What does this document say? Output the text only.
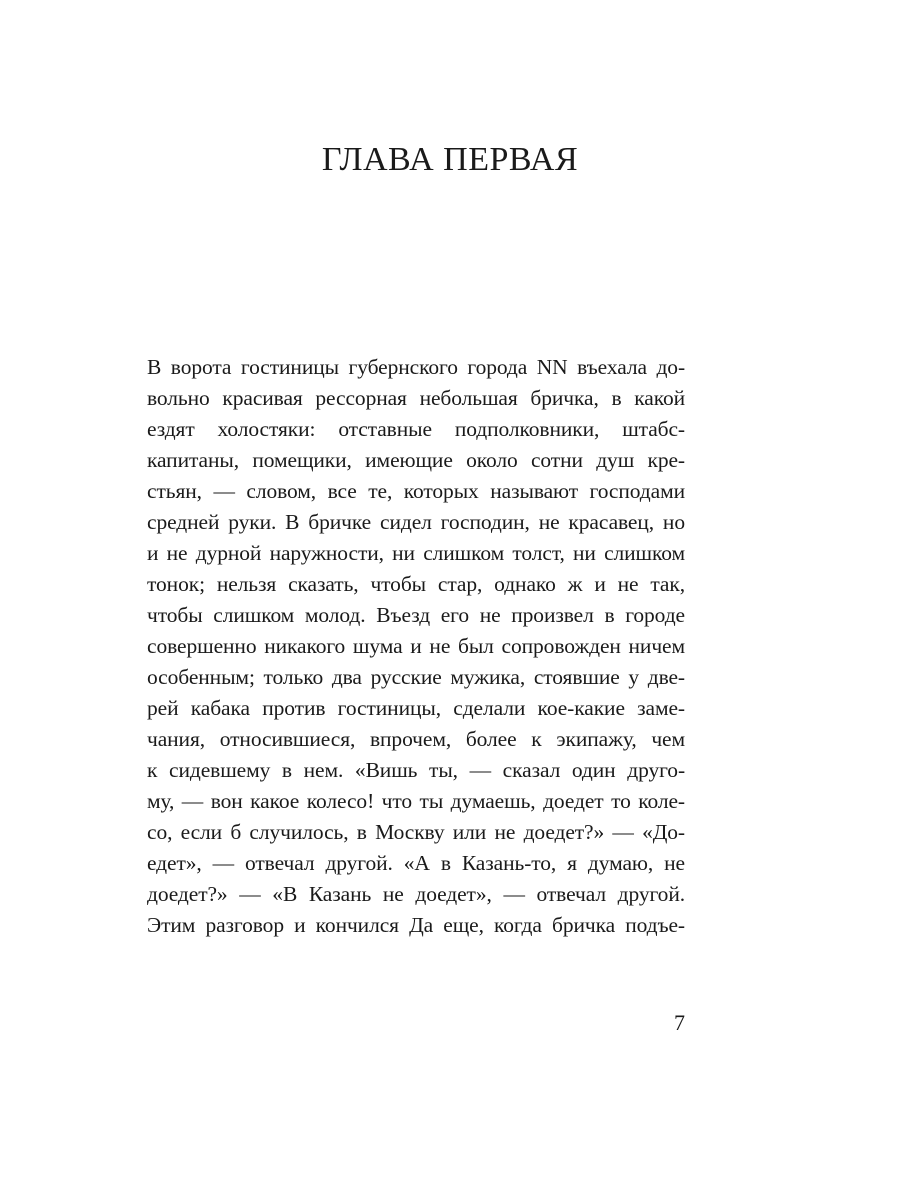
ГЛАВА ПЕРВАЯ
В ворота гостиницы губернского города NN въехала до-
вольно красивая рессорная небольшая бричка, в какой
ездят холостяки: отставные подполковники, штабс-
капитаны, помещики, имеющие около сотни душ кре-
стьян, — словом, все те, которых называют господами
средней руки. В бричке сидел господин, не красавец, но
и не дурной наружности, ни слишком толст, ни слишком
тонок; нельзя сказать, чтобы стар, однако ж и не так,
чтобы слишком молод. Въезд его не произвел в городе
совершенно никакого шума и не был сопровожден ничем
особенным; только два русские мужика, стоявшие у две-
рей кабака против гостиницы, сделали кое-какие заме-
чания, относившиеся, впрочем, более к экипажу, чем
к сидевшему в нем. «Вишь ты, — сказал один друго-
му, — вон какое колесо! что ты думаешь, доедет то коле-
со, если б случилось, в Москву или не доедет?» — «До-
едет», — отвечал другой. «А в Казань-то, я думаю, не
доедет?» — «В Казань не доедет», — отвечал другой.
Этим разговор и кончился Да еще, когда бричка подъе-
7
